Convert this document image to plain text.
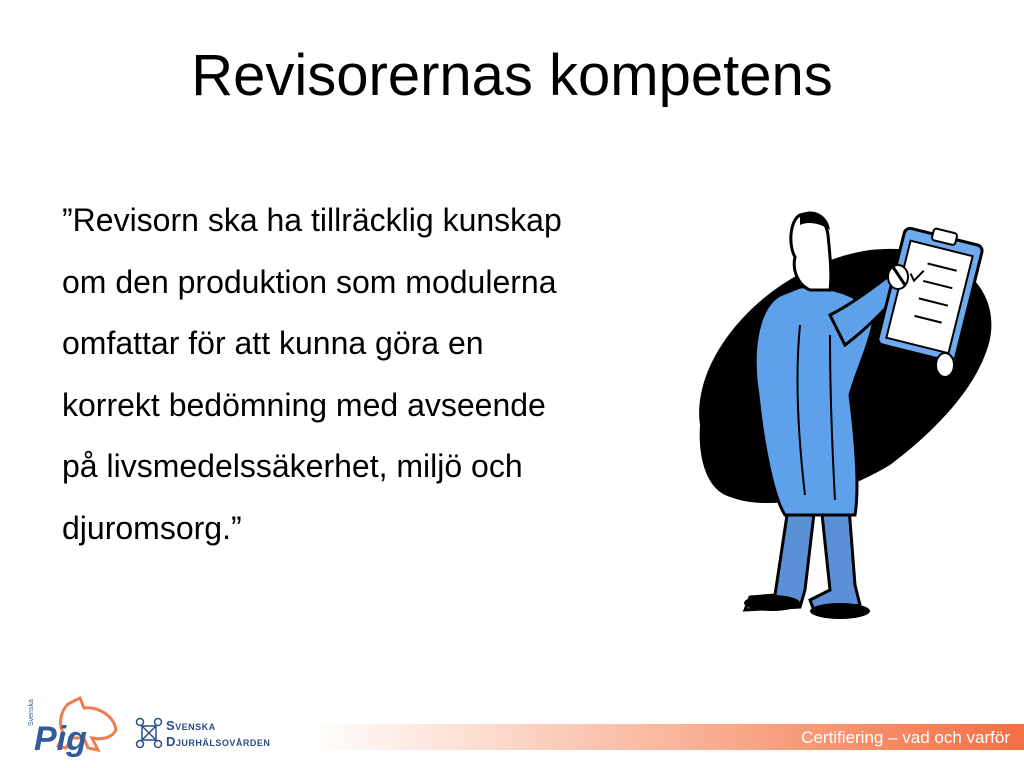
Revisorernas kompetens
”Revisorn ska ha tillräcklig kunskap
om den produktion som modulerna
omfattar för att kunna göra en
korrekt bedömning med avseende
på livsmedelssäkerhet, miljö och
djuromsorg.”
Certifiering – vad och varför
Svenska
Pig	Svenska
Djurhälsovården
